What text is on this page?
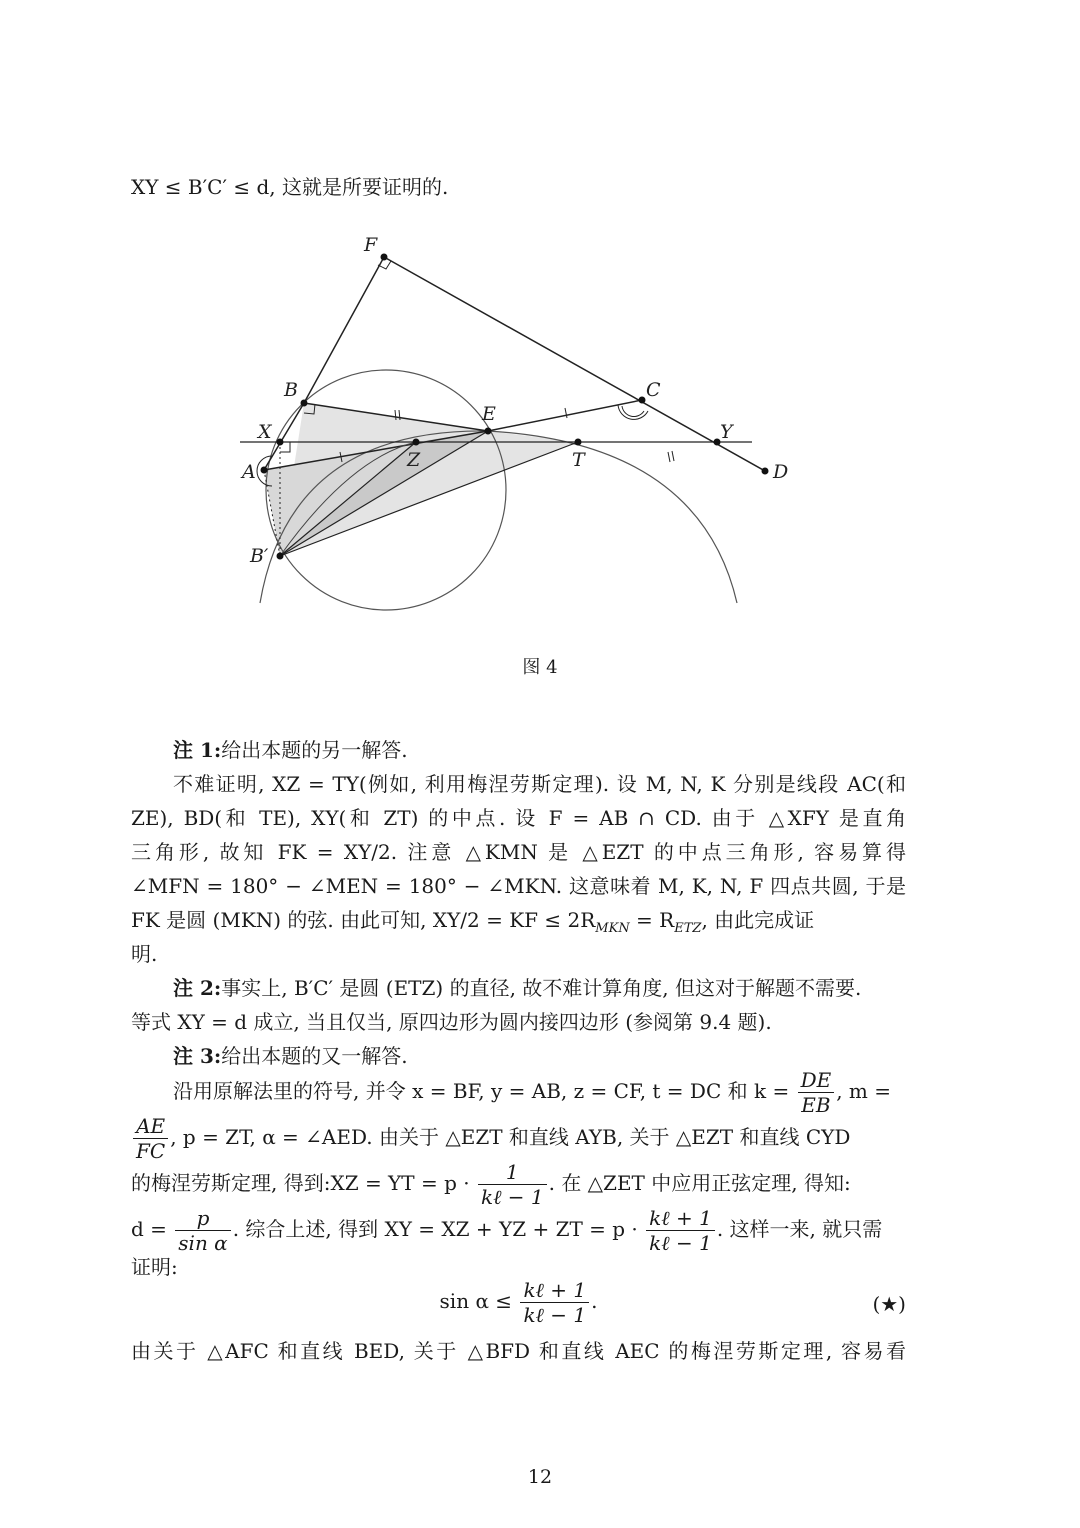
XY ≤ B′C′ ≤ d, 这就是所要证明的.
F
B	C
E
X	Y
A
Z	T
D
B′
图 4
注 1:给出本题的另一解答.
不难证明, XZ = TY(例如, 利用梅涅劳斯定理). 设 M, N, K 分别是线段 AC(和
ZE), BD(和 TE), XY(和 ZT) 的中点. 设 F = AB ∩ CD. 由于 △XFY 是直角
三角形, 故知 FK = XY/2. 注意 △KMN 是 △EZT 的中点三角形, 容易算得
∠MFN = 180° − ∠MEN = 180° − ∠MKN. 这意味着 M, K, N, F 四点共圆, 于是
FK 是圆 (MKN) 的弦. 由此可知, XY/2 = KF ≤ $2R_{MKN} = R_{ETZ}$, 由此完成证
明.
注 2:事实上, B′C′ 是圆 (ETZ) 的直径, 故不难计算角度, 但这对于解题不需要.
等式 XY = d 成立, 当且仅当, 原四边形为圆内接四边形 (参阅第 9.4 题).
注 3:给出本题的又一解答.
沿用原解法里的符号, 并令 x = BF, y = AB, z = CF, t = DC 和 $k = \frac{DE}{EB}$ , m =
$\frac{AE}{FC}$ , p = ZT, α = ∠AED. 由关于 △EZT 和直线 AYB, 关于 △EZT 和直线 CYD
的梅涅劳斯定理, 得到:XZ = YT = $p \cdot \frac{1}{\text{kℓ − 1}}$ . 在 △ZET 中应用正弦定理, 得知:
$d = \frac{p}{\text{sin α}}$ . 综合上述, 得到 XY = XZ + YZ + ZT = $p \cdot \frac{\text{kℓ + 1}}{\text{kℓ − 1}}$ . 这样一来, 就只需
证明:
$\sin \alpha \le \frac{\text{kℓ + 1}}{\text{kℓ − 1}}$ .	(★)
由关于 △AFC 和直线 BED, 关于 △BFD 和直线 AEC 的梅涅劳斯定理, 容易看
12
